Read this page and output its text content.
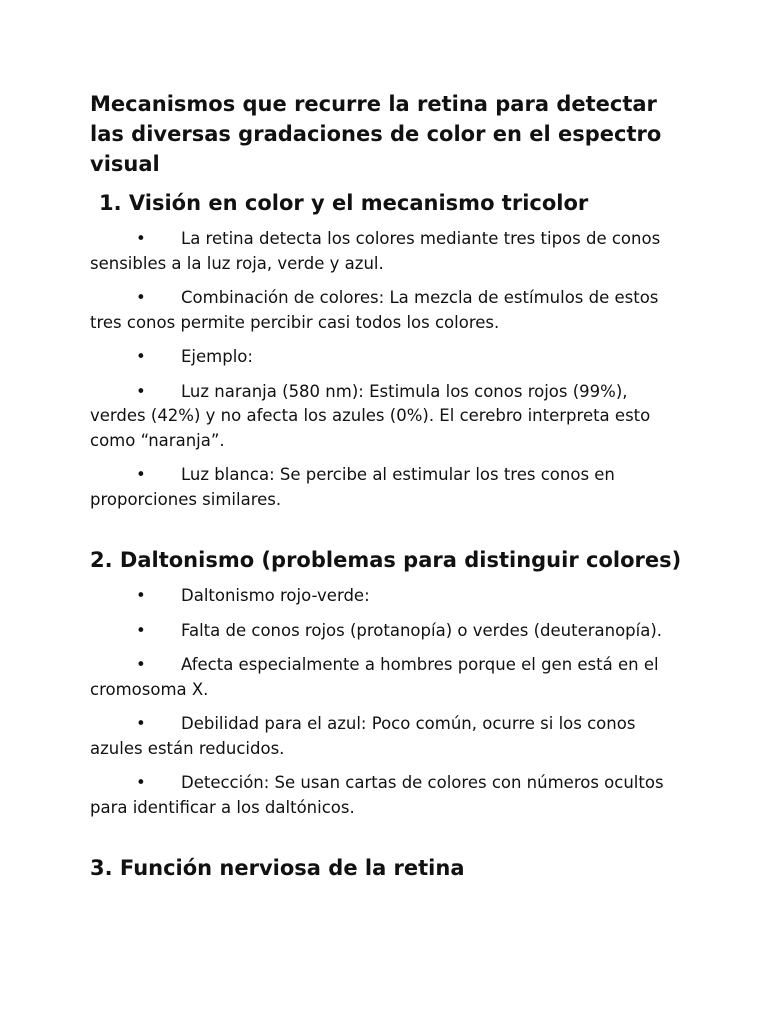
Mecanismos que recurre la retina para detectar las diversas gradaciones de color en el espectro visual
1. Visión en color y el mecanismo tricolor
• La retina detecta los colores mediante tres tipos de conos sensibles a la luz roja, verde y azul.
• Combinación de colores: La mezcla de estímulos de estos tres conos permite percibir casi todos los colores.
• Ejemplo:
• Luz naranja (580 nm): Estimula los conos rojos (99%), verdes (42%) y no afecta los azules (0%). El cerebro interpreta esto como “naranja”.
• Luz blanca: Se percibe al estimular los tres conos en proporciones similares.
2. Daltonismo (problemas para distinguir colores)
• Daltonismo rojo-verde:
• Falta de conos rojos (protanopía) o verdes (deuteranopía).
• Afecta especialmente a hombres porque el gen está en el cromosoma X.
• Debilidad para el azul: Poco común, ocurre si los conos azules están reducidos.
• Detección: Se usan cartas de colores con números ocultos para identificar a los daltónicos.
3. Función nerviosa de la retina
